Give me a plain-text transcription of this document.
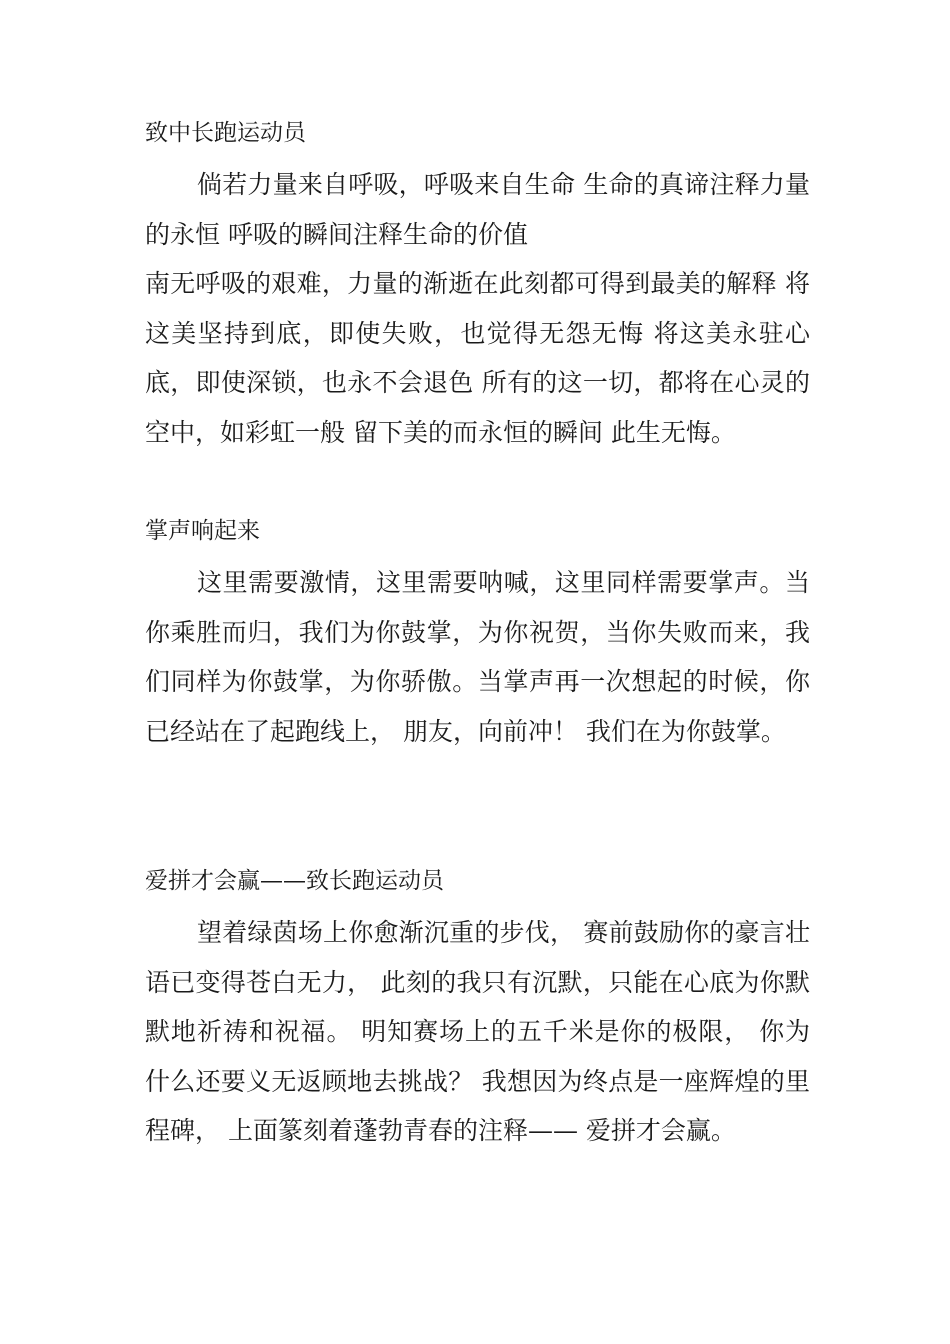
致中长跑运动员
倘若力量来自呼吸，呼吸来自生命 生命的真谛注释力量的永恒 呼吸的瞬间注释生命的价值
南无呼吸的艰难，力量的渐逝在此刻都可得到最美的解释 将这美坚持到底，即使失败，也觉得无怨无悔 将这美永驻心底，即使深锁，也永不会退色 所有的这一切，都将在心灵的空中，如彩虹一般 留下美的而永恒的瞬间 此生无悔。
掌声响起来

这里需要激情，这里需要呐喊，这里同样需要掌声。当你乘胜而归，我们为你鼓掌，为你祝贺，当你失败而来，我们同样为你鼓掌，为你骄傲。当掌声再一次想起的时候，你已经站在了起跑线上， 朋友，向前冲！ 我们在为你鼓掌。

爱拼才会赢——致长跑运动员

望着绿茵场上你愈渐沉重的步伐， 赛前鼓励你的豪言壮语已变得苍白无力， 此刻的我只有沉默，只能在心底为你默默地祈祷和祝福。 明知赛场上的五千米是你的极限， 你为什么还要义无返顾地去挑战？ 我想因为终点是一座辉煌的里程碑， 上面篆刻着蓬勃青春的注释—— 爱拼才会赢。
